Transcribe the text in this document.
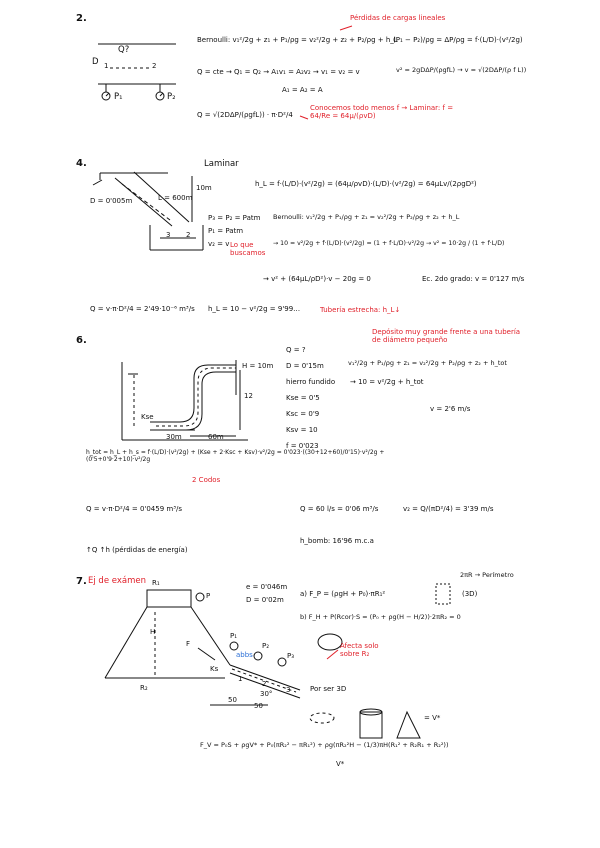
2.
Q?
D 1	2
P₁	P₂
Pérdidas de cargas lineales
Bernoulli: v₁²/2g + z₁ + P₁/ρg = v₂²/2g + z₂ + P₂/ρg + h_L
Q = cte → Q₁ = Q₂ → A₁v₁ = A₂v₂ → v₁ = v₂ = v
A₁ = A₂ = A
(P₁ − P₂)/ρg = ΔP/ρg = f·(L/D)·(v²/2g)
v² = 2gDΔP/(ρgfL) → v = √(2DΔP/(ρ f L))
Q = √(2DΔP/(ρgfL)) · π·D²/4
Conocemos todo menos f → Laminar: f = 64/Re = 64μ/(ρvD)
4.	Laminar
D = 0'005m	L = 600m
10m
3 2
h_L = f·(L/D)·(v²/2g) = (64μ/ρvD)·(L/D)·(v²/2g) = 64μLv/(2ρgD²)
P₃ = P₂ = Patm
P₁ = Patm
v₂ = v Lo que buscamos
Bernoulli: v₁²/2g + P₁/ρg + z₁ = v₂²/2g + P₂/ρg + z₂ + h_L
→ 10 = v²/2g + f·(L/D)·(v²/2g) = (1 + f·L/D)·v²/2g → v² = 10·2g / (1 + f·L/D)
→ v² + (64μL/ρD²)·v − 20g = 0	Ec. 2do grado: v = 0'127 m/s
Q = v·π·D²/4 = 2'49·10⁻⁶ m³/s h_L = 10 − v²/2g = 9'99…	Tubería estrecha: h_L↓
6.
H = 10m
12
30m	60m
Kse
Q = ?
D = 0'15m
hierro fundido
Kse = 0'5
Ksc = 0'9
Ksv = 10
f = 0'023
Depósito muy grande frente a una tubería de diámetro pequeño
v₁²/2g + P₁/ρg + z₁ = v₂²/2g + P₂/ρg + z₂ + h_tot
→ 10 = v²/2g + h_tot
v = 2'6 m/s
h_tot = h_L + h_s = f·(L/D)·(v²/2g) + (Kse + 2·Ksc + Ksv)·v²/2g = 0'023·((30+12+60)/0'15)·v²/2g + (0'5+0'9·2+10)·v²/2g
2 Codos
Q = v·π·D²/4 = 0'0459 m³/s	Q = 60 l/s = 0'06 m³/s	v₂ = Q/(πD²/4) = 3'39 m/s
h_bomb: 16'96 m.c.a
↑Q ↑h (pérdidas de energía)
7. Ej de exámen R₁
H
F
Ks
R₂
P
P₁
P₂
P₃
abbs
1
2
3
50
50
30°
e = 0'046m
D = 0'02m
a) F_P = (ρgH + P₀)·πR₁²
b) F_H + P(Rcor)·S = (P₀ + ρg(H − H/2))·2πR₂ = 0
2πR → Perímetro
(3D)
Afecta solo sobre R₂
Por ser 3D
= V*
F_V = P₀S + ρgV* + P₀(πR₂² − πR₁²) + ρg(πR₂²H − (1/3)πH(R₁² + R₂R₁ + R₂²))
V*
